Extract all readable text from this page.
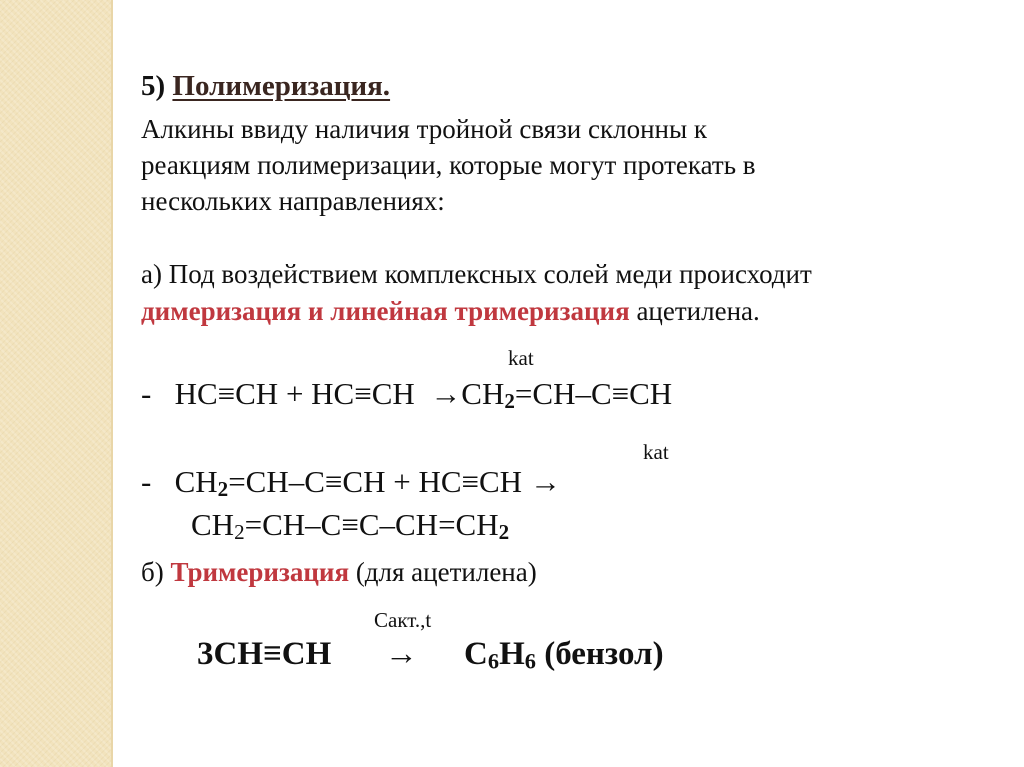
5) Полимеризация.
Алкины ввиду наличия тройной связи склонны к
реакциям полимеризации, которые могут протекать в
нескольких направлениях:
а) Под воздействием комплексных солей меди происходит
димеризация и линейная тримеризация ацетилена.
kat
- $HC\equiv CH + HC\equiv CH \to CH_2=CH-C\equiv CH$
kat
- $CH_2=CH-C\equiv CH + HC\equiv CH$ →
$CH_2=CH-C\equiv C-CH=CH_2$
б) Тримеризация (для ацетилена)
Cакт.,t
$3CH\equiv CH \to C_6H_6$ (бензол)
